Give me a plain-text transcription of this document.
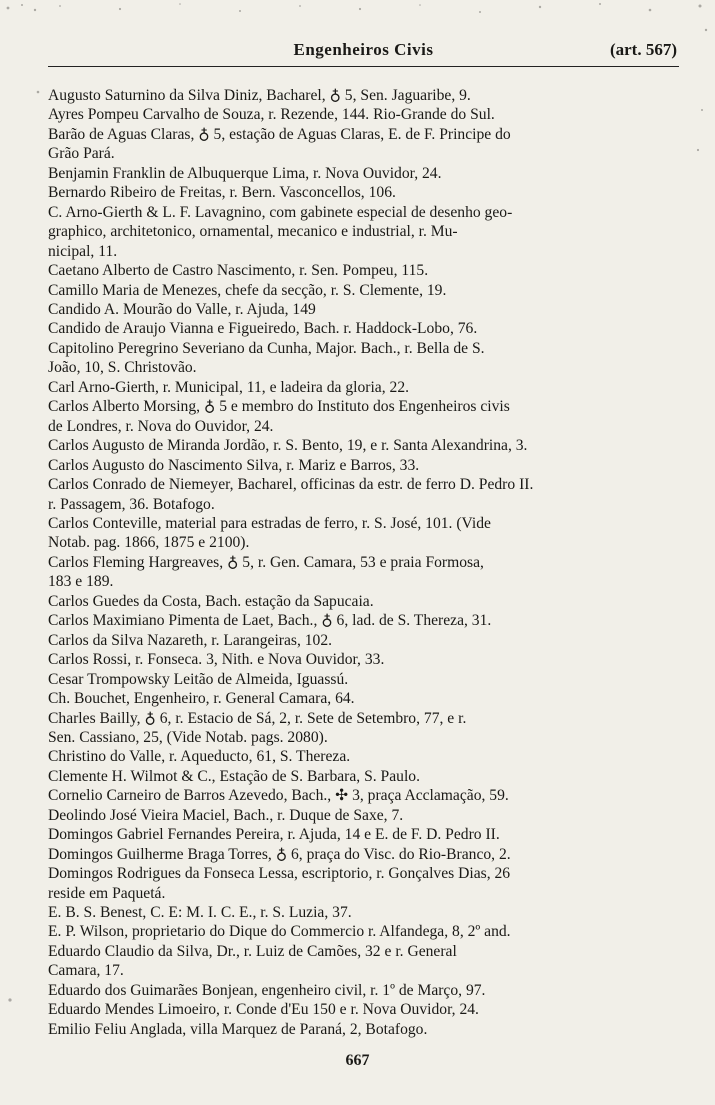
Engenheiros Civis	(art. 567)
Augusto Saturnino da Silva Diniz, Bacharel, ♁ 5, Sen. Jaguaribe, 9.
Ayres Pompeu Carvalho de Souza, r. Rezende, 144. Rio-Grande do Sul.
Barão de Aguas Claras, ♁ 5, estação de Aguas Claras, E. de F. Principe do
Grão Pará.
Benjamin Franklin de Albuquerque Lima, r. Nova Ouvidor, 24.
Bernardo Ribeiro de Freitas, r. Bern. Vasconcellos, 106.
C. Arno-Gierth & L. F. Lavagnino, com gabinete especial de desenho geo-
graphico, architetonico, ornamental, mecanico e industrial, r. Mu-
nicipal, 11.
Caetano Alberto de Castro Nascimento, r. Sen. Pompeu, 115.
Camillo Maria de Menezes, chefe da secção, r. S. Clemente, 19.
Candido A. Mourão do Valle, r. Ajuda, 149
Candido de Araujo Vianna e Figueiredo, Bach. r. Haddock-Lobo, 76.
Capitolino Peregrino Severiano da Cunha, Major. Bach., r. Bella de S.
João, 10, S. Christovão.
Carl Arno-Gierth, r. Municipal, 11, e ladeira da gloria, 22.
Carlos Alberto Morsing, ♁ 5 e membro do Instituto dos Engenheiros civis
de Londres, r. Nova do Ouvidor, 24.
Carlos Augusto de Miranda Jordão, r. S. Bento, 19, e r. Santa Alexandrina, 3.
Carlos Augusto do Nascimento Silva, r. Mariz e Barros, 33.
Carlos Conrado de Niemeyer, Bacharel, officinas da estr. de ferro D. Pedro II.
r. Passagem, 36. Botafogo.
Carlos Conteville, material para estradas de ferro, r. S. José, 101. (Vide
Notab. pag. 1866, 1875 e 2100).
Carlos Fleming Hargreaves, ♁ 5, r. Gen. Camara, 53 e praia Formosa,
183 e 189.
Carlos Guedes da Costa, Bach. estação da Sapucaia.
Carlos Maximiano Pimenta de Laet, Bach., ♁ 6, lad. de S. Thereza, 31.
Carlos da Silva Nazareth, r. Larangeiras, 102.
Carlos Rossi, r. Fonseca. 3, Nith. e Nova Ouvidor, 33.
Cesar Trompowsky Leitão de Almeida, Iguassú.
Ch. Bouchet, Engenheiro, r. General Camara, 64.
Charles Bailly, ♁ 6, r. Estacio de Sá, 2, r. Sete de Setembro, 77, e r.
Sen. Cassiano, 25, (Vide Notab. pags. 2080).
Christino do Valle, r. Aqueducto, 61, S. Thereza.
Clemente H. Wilmot & C., Estação de S. Barbara, S. Paulo.
Cornelio Carneiro de Barros Azevedo, Bach., ✣ 3, praça Acclamação, 59.
Deolindo José Vieira Maciel, Bach., r. Duque de Saxe, 7.
Domingos Gabriel Fernandes Pereira, r. Ajuda, 14 e E. de F. D. Pedro II.
Domingos Guilherme Braga Torres, ♁ 6, praça do Visc. do Rio-Branco, 2.
Domingos Rodrigues da Fonseca Lessa, escriptorio, r. Gonçalves Dias, 26
reside em Paquetá.
E. B. S. Benest, C. E: M. I. C. E., r. S. Luzia, 37.
E. P. Wilson, proprietario do Dique do Commercio r. Alfandega, 8, 2º and.
Eduardo Claudio da Silva, Dr., r. Luiz de Camões, 32 e r. General
Camara, 17.
Eduardo dos Guimarães Bonjean, engenheiro civil, r. 1º de Março, 97.
Eduardo Mendes Limoeiro, r. Conde d'Eu 150 e r. Nova Ouvidor, 24.
Emilio Feliu Anglada, villa Marquez de Paraná, 2, Botafogo.
667
